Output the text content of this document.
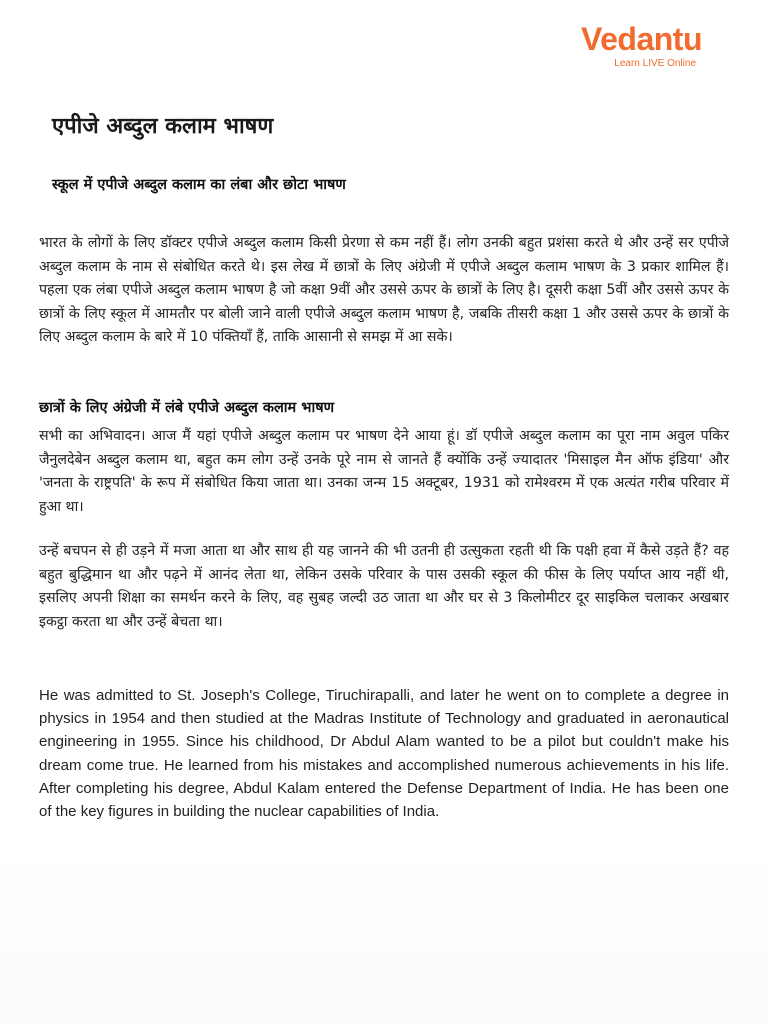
Vedantu
Learn LIVE Online
एपीजे अब्दुल कलाम भाषण
स्कूल में एपीजे अब्दुल कलाम का लंबा और छोटा भाषण

भारत के लोगों के लिए डॉक्टर एपीजे अब्दुल कलाम किसी प्रेरणा से कम नहीं हैं। लोग उनकी बहुत प्रशंसा करते थे और उन्हें सर एपीजे अब्दुल कलाम के नाम से संबोधित करते थे। इस लेख में छात्रों के लिए अंग्रेजी में एपीजे अब्दुल कलाम भाषण के 3 प्रकार शामिल हैं। पहला एक लंबा एपीजे अब्दुल कलाम भाषण है जो कक्षा 9वीं और उससे ऊपर के छात्रों के लिए है। दूसरी कक्षा 5वीं और उससे ऊपर के छात्रों के लिए स्कूल में आमतौर पर बोली जाने वाली एपीजे अब्दुल कलाम भाषण है, जबकि तीसरी कक्षा 1 और उससे ऊपर के छात्रों के लिए अब्दुल कलाम के बारे में 10 पंक्तियाँ हैं, ताकि आसानी से समझ में आ सके।

छात्रों के लिए अंग्रेजी में लंबे एपीजे अब्दुल कलाम भाषण

सभी का अभिवादन। आज मैं यहां एपीजे अब्दुल कलाम पर भाषण देने आया हूं। डॉ एपीजे अब्दुल कलाम का पूरा नाम अवुल पकिर जैनुलदेबेन अब्दुल कलाम था, बहुत कम लोग उन्हें उनके पूरे नाम से जानते हैं क्योंकि उन्हें ज्यादातर 'मिसाइल मैन ऑफ इंडिया' और 'जनता के राष्ट्रपति' के रूप में संबोधित किया जाता था। उनका जन्म 15 अक्टूबर, 1931 को रामेश्वरम में एक अत्यंत गरीब परिवार में हुआ था।

उन्हें बचपन से ही उड़ने में मजा आता था और साथ ही यह जानने की भी उतनी ही उत्सुकता रहती थी कि पक्षी हवा में कैसे उड़ते हैं? वह बहुत बुद्धिमान था और पढ़ने में आनंद लेता था, लेकिन उसके परिवार के पास उसकी स्कूल की फीस के लिए पर्याप्त आय नहीं थी, इसलिए अपनी शिक्षा का समर्थन करने के लिए, वह सुबह जल्दी उठ जाता था और घर से 3 किलोमीटर दूर साइकिल चलाकर अखबार इकट्ठा करता था और उन्हें बेचता था।

He was admitted to St. Joseph's College, Tiruchirapalli, and later he went on to complete a degree in physics in 1954 and then studied at the Madras Institute of Technology and graduated in aeronautical engineering in 1955. Since his childhood, Dr Abdul Alam wanted to be a pilot but couldn't make his dream come true. He learned from his mistakes and accomplished numerous achievements in his life. After completing his degree, Abdul Kalam entered the Defense Department of India. He has been one of the key figures in building the nuclear capabilities of India.
